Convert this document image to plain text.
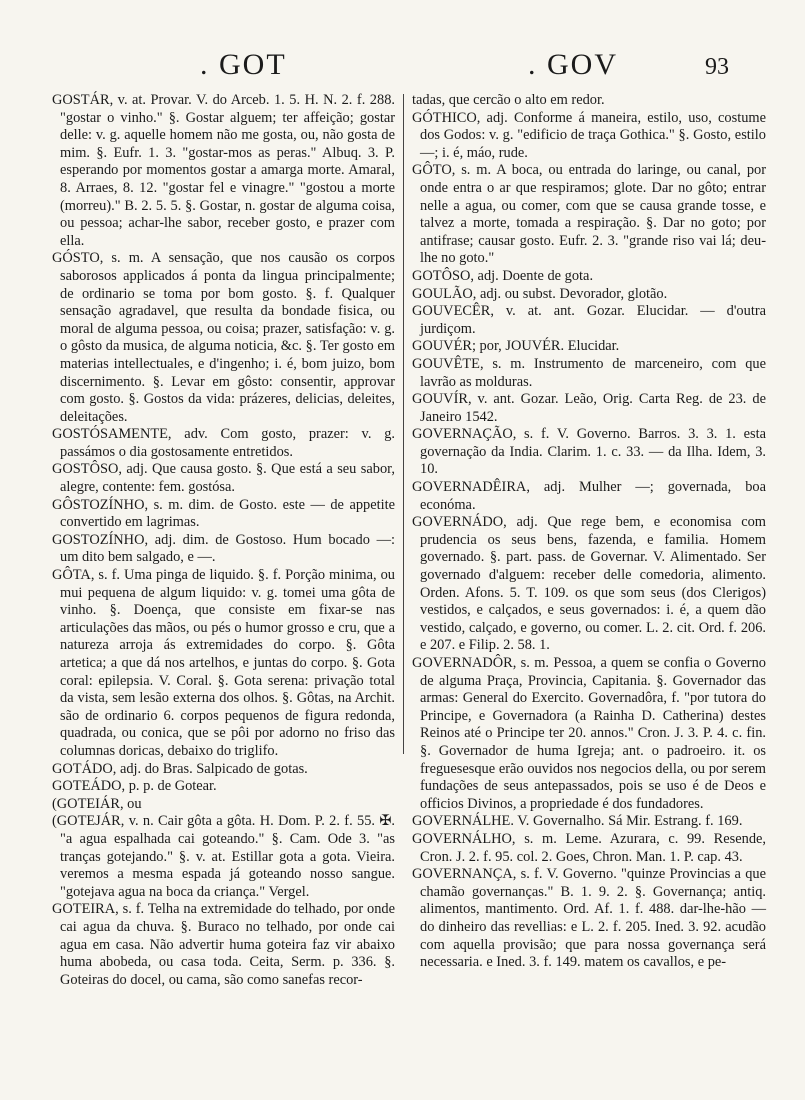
. GOT	. GOV	93

GOSTÁR, v. at. Provar. V. do Arceb. 1. 5. H. N. 2. f. 288. "gostar o vinho." §. Gostar alguem; ter affeição; gostar delle: v. g. aquelle homem não me gosta, ou, não gosta de mim. §. Eufr. 1. 3. "gostar-mos as peras." Albuq. 3. P. esperando por momentos gostar a amarga morte. Amaral, 8. Arraes, 8. 12. "gostar fel e vinagre." "gostou a morte (morreu)." B. 2. 5. 5. §. Gostar, n. gostar de alguma coisa, ou pessoa; achar-lhe sabor, receber gosto, e prazer com ella.

GÓSTO, s. m. A sensação, que nos causão os corpos saborosos applicados á ponta da lingua principalmente; de ordinario se toma por bom gosto. §. f. Qualquer sensação agradavel, que resulta da bondade fisica, ou moral de alguma pessoa, ou coisa; prazer, satisfação: v. g. o gôsto da musica, de alguma noticia, &c. §. Ter gosto em materias intellectuales, e d'ingenho; i. é, bom juizo, bom discernimento. §. Levar em gôsto: consentir, approvar com gosto. §. Gostos da vida: prázeres, delicias, deleites, deleitações.

GOSTÓSAMENTE, adv. Com gosto, prazer: v. g. passámos o dia gostosamente entretidos.

GOSTÔSO, adj. Que causa gosto. §. Que está a seu sabor, alegre, contente: fem. gostósa.

GÔSTOZÍNHO, s. m. dim. de Gosto. este — de appetite convertido em lagrimas.

GOSTOZÍNHO, adj. dim. de Gostoso. Hum bocado —: um dito bem salgado, e —.

GÔTA, s. f. Uma pinga de liquido. §. f. Porção minima, ou mui pequena de algum liquido: v. g. tomei uma gôta de vinho. §. Doença, que consiste em fixar-se nas articulações das mãos, ou pés o humor grosso e cru, que a natureza arroja ás extremidades do corpo. §. Gôta artetica; a que dá nos artelhos, e juntas do corpo. §. Gota coral: epilepsia. V. Coral. §. Gota serena: privação total da vista, sem lesão externa dos olhos. §. Gôtas, na Archit. são de ordinario 6. corpos pequenos de figura redonda, quadrada, ou conica, que se pôi por adorno no friso das columnas doricas, debaixo do triglifo.

GOTÁDO, adj. do Bras. Salpicado de gotas.

GOTEÁDO, p. p. de Gotear.

(GOTEIÁR, ou

(GOTEJÁR, v. n. Cair gôta a gôta. H. Dom. P. 2. f. 55. ✠. "a agua espalhada cai goteando." §. Cam. Ode 3. "as tranças gotejando." §. v. at. Estillar gota a gota. Vieira. veremos a mesma espada já goteando nosso sangue. "gotejava agua na boca da criança." Vergel.

GOTEIRA, s. f. Telha na extremidade do telhado, por onde cai agua da chuva. §. Buraco no telhado, por onde cai agua em casa. Não advertir huma goteira faz vir abaixo huma abobeda, ou casa toda. Ceita, Serm. p. 336. §. Goteiras do docel, ou cama, são como sanefas recor-

tadas, que cercão o alto em redor.

GÓTHICO, adj. Conforme á maneira, estilo, uso, costume dos Godos: v. g. "edificio de traça Gothica." §. Gosto, estilo —; i. é, máo, rude.

GÔTO, s. m. A boca, ou entrada do laringe, ou canal, por onde entra o ar que respiramos; glote. Dar no gôto; entrar nelle a agua, ou comer, com que se causa grande tosse, e talvez a morte, tomada a respiração. §. Dar no goto; por antifrase; causar gosto. Eufr. 2. 3. "grande riso vai lá; deu-lhe no goto."

GOTÔSO, adj. Doente de gota.

GOULÃO, adj. ou subst. Devorador, glotão.

GOUVECÊR, v. at. ant. Gozar. Elucidar. — d'outra jurdiçom.

GOUVÉR; por, JOUVÉR. Elucidar.

GOUVÊTE, s. m. Instrumento de marceneiro, com que lavrão as molduras.

GOUVÍR, v. ant. Gozar. Leão, Orig. Carta Reg. de 23. de Janeiro 1542.

GOVERNAÇÃO, s. f. V. Governo. Barros. 3. 3. 1. esta governação da India. Clarim. 1. c. 33. — da Ilha. Idem, 3. 10.

GOVERNADÊIRA, adj. Mulher —; governada, boa económa.

GOVERNÁDO, adj. Que rege bem, e economisa com prudencia os seus bens, fazenda, e familia. Homem governado. §. part. pass. de Governar. V. Alimentado. Ser governado d'alguem: receber delle comedoria, alimento. Orden. Afons. 5. T. 109. os que som seus (dos Clerigos) vestidos, e calçados, e seus governados: i. é, a quem dão vestido, calçado, e governo, ou comer. L. 2. cit. Ord. f. 206. e 207. e Filip. 2. 58. 1.

GOVERNADÔR, s. m. Pessoa, a quem se confia o Governo de alguma Praça, Provincia, Capitania. §. Governador das armas: General do Exercito. Governadôra, f. "por tutora do Principe, e Governadora (a Rainha D. Catherina) destes Reinos até o Principe ter 20. annos." Cron. J. 3. P. 4. c. fin. §. Governador de huma Igreja; ant. o padroeiro. it. os freguesesque erão ouvidos nos negocios della, ou por serem fundações de seus antepassados, pois se uso é de Deos e officios Divinos, a propriedade é dos fundadores.

GOVERNÁLHE. V. Governalho. Sá Mir. Estrang. f. 169.

GOVERNÁLHO, s. m. Leme. Azurara, c. 99. Resende, Cron. J. 2. f. 95. col. 2. Goes, Chron. Man. 1. P. cap. 43.

GOVERNANÇA, s. f. V. Governo. "quinze Provincias a que chamão governanças." B. 1. 9. 2. §. Governança; antiq. alimentos, mantimento. Ord. Af. 1. f. 488. dar-lhe-hão — do dinheiro das revellias: e L. 2. f. 205. Ined. 3. 92. acudão com aquella provisão; que para nossa governança será necessaria. e Ined. 3. f. 149. matem os cavallos, e pe-
